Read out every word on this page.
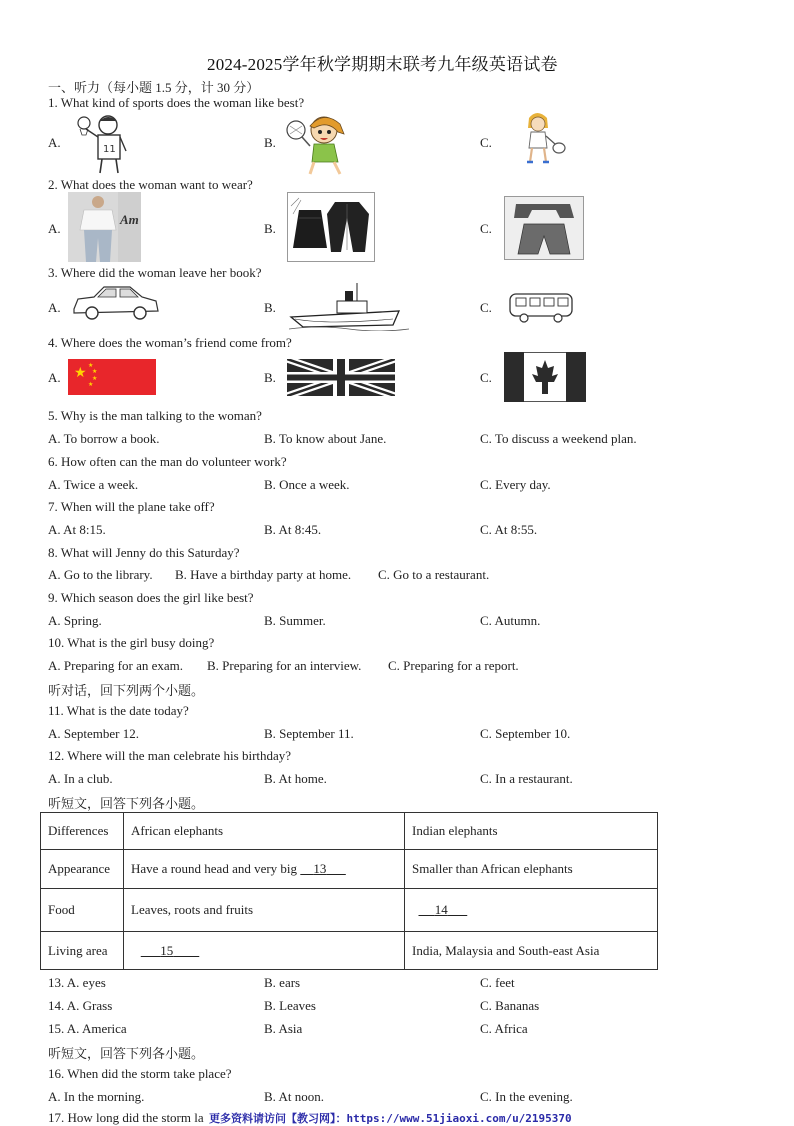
2024-2025学年秋学期期末联考九年级英语试卷
一、听力（每小题 1.5 分，计 30 分）
1. What kind of sports does the woman like best?
A.	B.	C.
11
2. What does the woman want to wear?
A.	B.	C.
Am
3. Where did the woman leave her book?
A.	B.	C.
4. Where does the woman’s friend come from?
A.	B.	C.
★ ★
★
★
★
5. Why is the man talking to the woman?
A. To borrow a book.	B. To know about Jane.	C. To discuss a weekend plan.
6. How often can the man do volunteer work?
A. Twice a week.	B. Once a week.	C. Every day.
7. When will the plane take off?
A. At 8:15.	B. At 8:45.	C. At 8:55.
8. What will Jenny do this Saturday?
A. Go to the library. B. Have a birthday party at home. C. Go to a restaurant.
9. Which season does the girl like best?
A. Spring.	B. Summer.	C. Autumn.
10. What is the girl busy doing?
A. Preparing for an exam. B. Preparing for an interview. C. Preparing for a report.
听对话，回下列两个小题。
11. What is the date today?
A. September 12.	B. September 11.	C. September 10.
12. Where will the man celebrate his birthday?
A. In a club.	B. At home.	C. In a restaurant.
听短文，回答下列各小题。
Differences	African elephants	Indian elephants
Appearance	Have a round head and very big     13	Smaller than African elephants
Food	Leaves, roots and fruits	14
Living area	15	India, Malaysia and South-east Asia
13. A. eyes	B. ears	C. feet
14. A. Grass	B. Leaves	C. Bananas
15. A. America	B. Asia	C. Africa
听短文，回答下列各小题。
16. When did the storm take place?
A. In the morning.	B. At noon.	C. In the evening.
17. How long did the storm la 更多资料请访问【教习网】：https://www.51jiaoxi.com/u/2195370
